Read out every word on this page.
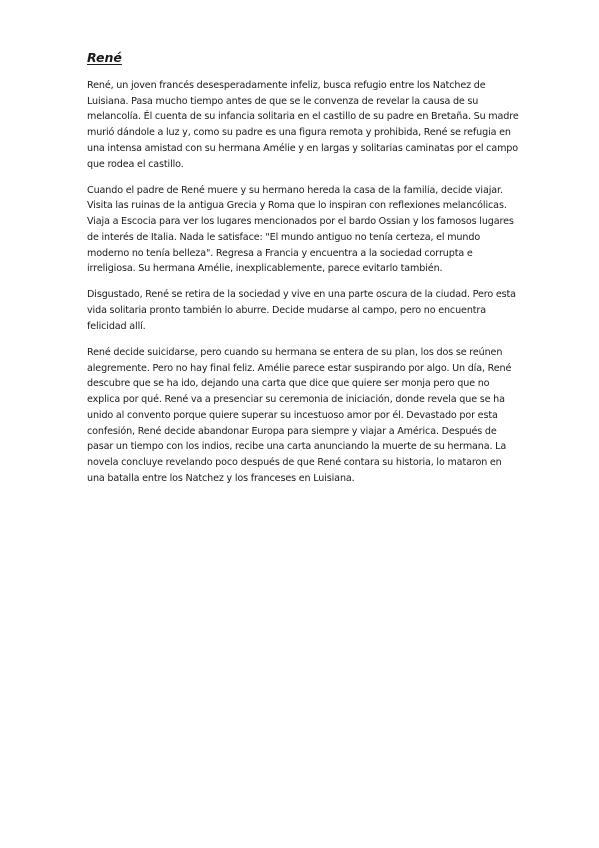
René

René, un joven francés desesperadamente infeliz, busca refugio entre los Natchez de Luisiana. Pasa mucho tiempo antes de que se le convenza de revelar la causa de su melancolía. Él cuenta de su infancia solitaria en el castillo de su padre en Bretaña. Su madre murió dándole a luz y, como su padre es una figura remota y prohibida, René se refugia en una intensa amistad con su hermana Amélie y en largas y solitarias caminatas por el campo que rodea el castillo.

Cuando el padre de René muere y su hermano hereda la casa de la familia, decide viajar. Visita las ruinas de la antigua Grecia y Roma que lo inspiran con reflexiones melancólicas. Viaja a Escocia para ver los lugares mencionados por el bardo Ossian y los famosos lugares de interés de Italia. Nada le satisface: "El mundo antiguo no tenía certeza, el mundo moderno no tenía belleza". Regresa a Francia y encuentra a la sociedad corrupta e irreligiosa. Su hermana Amélie, inexplicablemente, parece evitarlo también.

Disgustado, René se retira de la sociedad y vive en una parte oscura de la ciudad. Pero esta vida solitaria pronto también lo aburre. Decide mudarse al campo, pero no encuentra felicidad allí.

René decide suicidarse, pero cuando su hermana se entera de su plan, los dos se reúnen alegremente. Pero no hay final feliz. Amélie parece estar suspirando por algo. Un día, René descubre que se ha ido, dejando una carta que dice que quiere ser monja pero que no explica por qué. René va a presenciar su ceremonia de iniciación, donde revela que se ha unido al convento porque quiere superar su incestuoso amor por él. Devastado por esta confesión, René decide abandonar Europa para siempre y viajar a América. Después de pasar un tiempo con los indios, recibe una carta anunciando la muerte de su hermana. La novela concluye revelando poco después de que René contara su historia, lo mataron en una batalla entre los Natchez y los franceses en Luisiana.
